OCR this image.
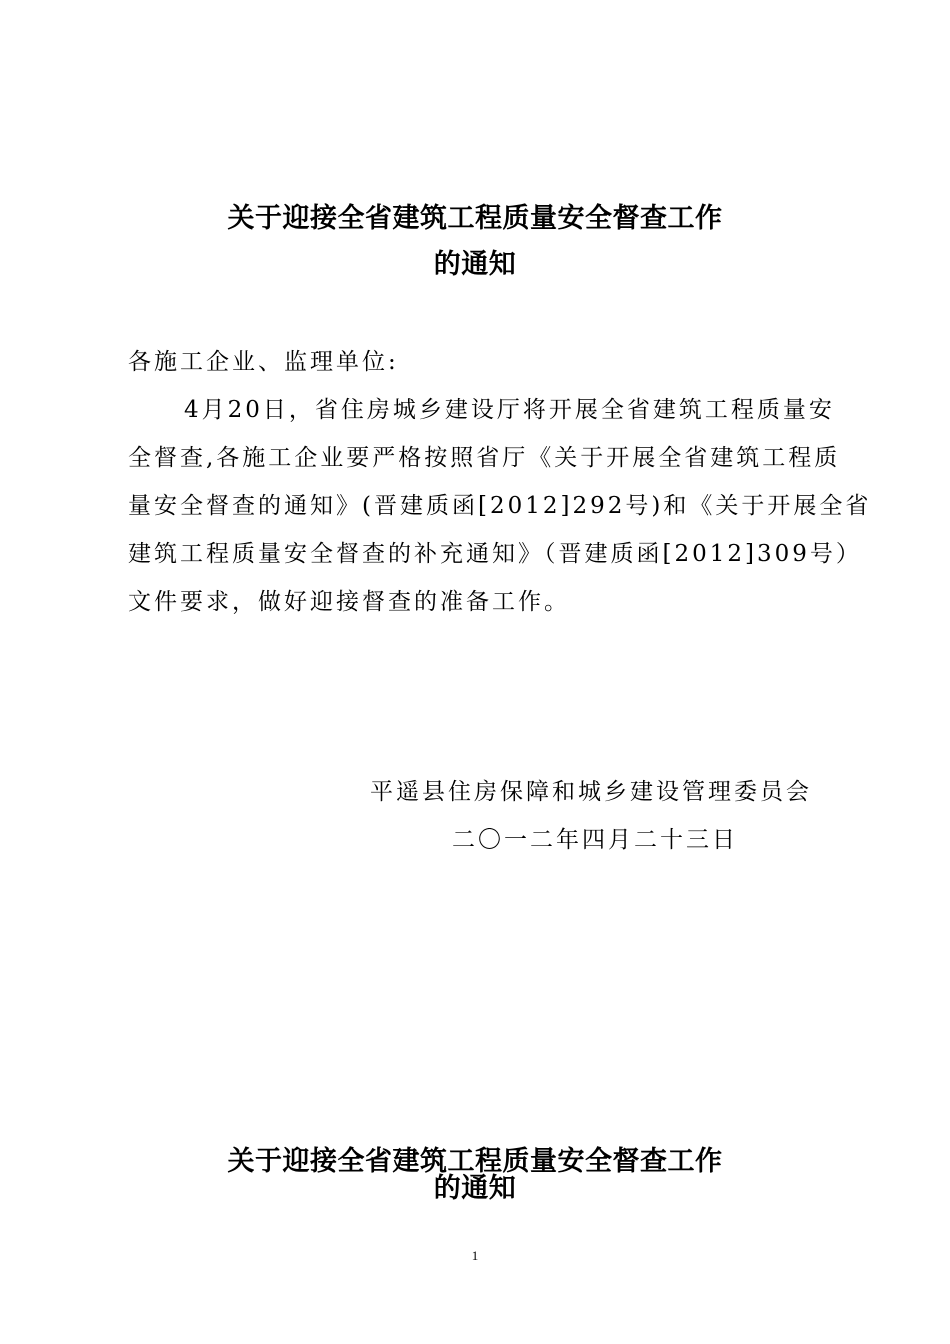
关于迎接全省建筑工程质量安全督查工作
的通知

各施工企业、监理单位:

4月20日，省住房城乡建设厅将开展全省建筑工程质量安
全督查,各施工企业要严格按照省厅《关于开展全省建筑工程质
量安全督查的通知》(晋建质函[2012]292号)和《关于开展全省
建筑工程质量安全督查的补充通知》（晋建质函[2012]309号）
文件要求，做好迎接督查的准备工作。

平遥县住房保障和城乡建设管理委员会

二〇一二年四月二十三日

关于迎接全省建筑工程质量安全督查工作
的通知
1
